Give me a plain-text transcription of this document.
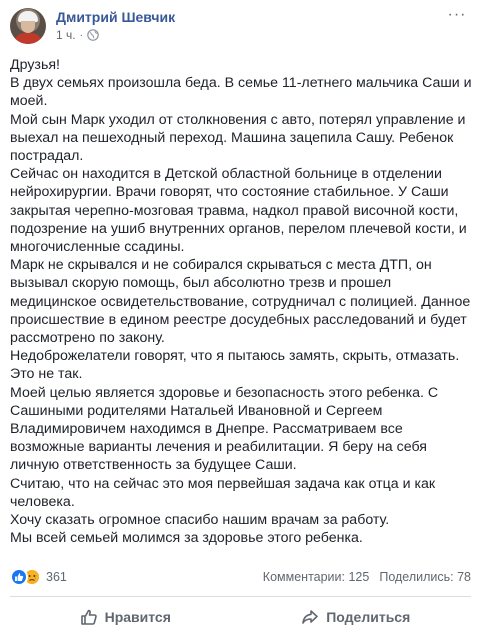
Дмитрий Шевчик
1 ч. ·
···

Друзья!

В двух семьях произошла беда. В семье 11-летнего мальчика Саши и моей.

Мой сын Марк уходил от столкновения с авто, потерял управление и выехал на пешеходный переход. Машина зацепила Сашу. Ребенок пострадал.

Сейчас он находится в Детской областной больнице в отделении нейрохирургии. Врачи говорят, что состояние стабильное. У Саши закрытая черепно-мозговая травма, надкол правой височной кости, подозрение на ушиб внутренних органов, перелом плечевой кости, и многочисленные ссадины.

Марк не скрывался и не собирался скрываться с места ДТП, он вызывал скорую помощь, был абсолютно трезв и прошел медицинское освидетельствование, сотрудничал с полицией. Данное происшествие в едином реестре досудебных расследований и будет рассмотрено по закону.

Недоброжелатели говорят, что я пытаюсь замять, скрыть, отмазать. Это не так.

Моей целью является здоровье и безопасность этого ребенка. С Сашиными родителями Натальей Ивановной и Сергеем Владимировичем находимся в Днепре. Рассматриваем все возможные варианты лечения и реабилитации. Я беру на себя личную ответственность за будущее Саши.

Считаю, что на сейчас это моя первейшая задача как отца и как человека.

Хочу сказать огромное спасибо нашим врачам за работу.

Мы всей семьей молимся за здоровье этого ребенка.

361	Комментарии: 125 Поделились: 78
Нравится	Поделиться
